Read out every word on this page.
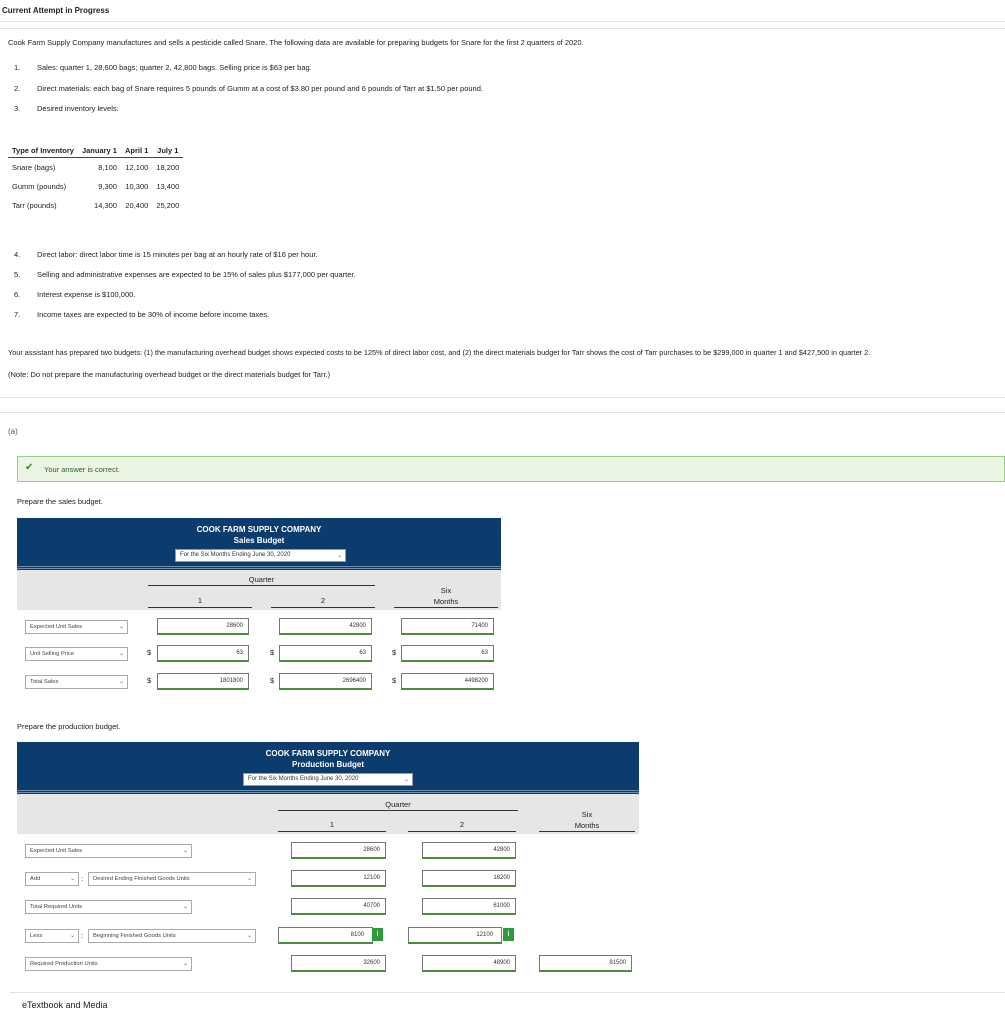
Current Attempt in Progress
Cook Farm Supply Company manufactures and sells a pesticide called Snare. The following data are available for preparing budgets for Snare for the first 2 quarters of 2020.
1. Sales: quarter 1, 28,600 bags; quarter 2, 42,800 bags. Selling price is $63 per bag.
2. Direct materials: each bag of Snare requires 5 pounds of Gumm at a cost of $3.80 per pound and 6 pounds of Tarr at $1.50 per pound.
3. Desired inventory levels:
Type of Inventory	January 1	April 1	July 1
Snare (bags)	8,100	12,100	18,200
Gumm (pounds)	9,300	10,300	13,400
Tarr (pounds)	14,300	20,400	25,200
4. Direct labor: direct labor time is 15 minutes per bag at an hourly rate of $16 per hour.
5. Selling and administrative expenses are expected to be 15% of sales plus $177,000 per quarter.
6. Interest expense is $100,000.
7. Income taxes are expected to be 30% of income before income taxes.
Your assistant has prepared two budgets: (1) the manufacturing overhead budget shows expected costs to be 125% of direct labor cost, and (2) the direct materials budget for Tarr shows the cost of Tarr purchases to be $299,000 in quarter 1 and $427,500 in quarter 2.
(Note: Do not prepare the manufacturing overhead budget or the direct materials budget for Tarr.)
(a)
✔ Your answer is correct.
Prepare the sales budget.
COOK FARM SUPPLY COMPANY
Sales Budget
For the Six Months Ending June 30, 2020	⌄
Quarter
1	2
Six
Months
Expected Unit Sales	⌄	28600	42800	71400
Unit Selling Price	⌄	$	63	$	63	$	63
Total Sales	⌄	$	1801800	$	2696400	$	4498200
Prepare the production budget.
COOK FARM SUPPLY COMPANY
Production Budget
For the Six Months Ending June 30, 2020	⌄
Quarter
1	2
Six
Months
Expected Unit Sales	⌄	28600	42800
Add	⌄ :	Desired Ending Finished Goods Units	⌄	12100	18200
Total Required Units	⌄	40700	61000
Less	⌄ :	Beginning Finished Goods Units	⌄	8100	i	12100	i
Required Production Units	⌄	32600	48900	81500
eTextbook and Media
